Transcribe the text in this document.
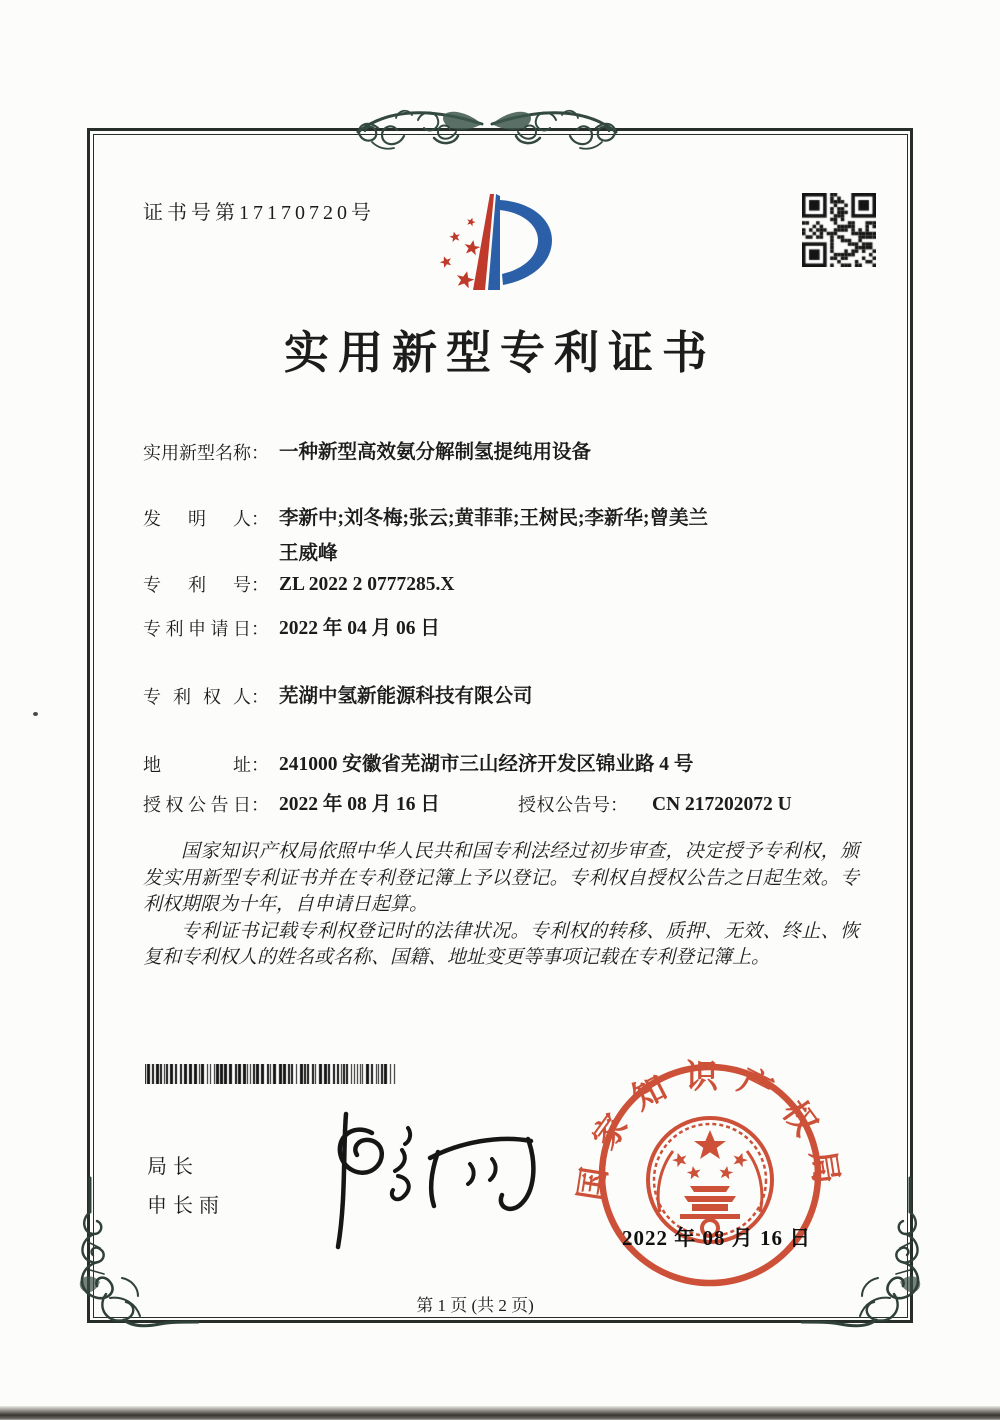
证书号第17170720号
实用新型专利证书
实用新型名称 ： 一种新型高效氨分解制氢提纯用设备
发明人 ： 李新中;刘冬梅;张云;黄菲菲;王树民;李新华;曾美兰
王威峰
专利号 ： ZL 2022 2 0777285.X
专利申请日 ： 2022 年 04 月 06 日
专利权人 ： 芜湖中氢新能源科技有限公司
地址 ： 241000 安徽省芜湖市三山经济开发区锦业路 4 号
授权公告日 ： 2022 年 08 月 16 日	授权公告号 ： CN 217202072 U

国家知识产权局依照中华人民共和国专利法经过初步审查，决定授予专利权，颁发实用新型专利证书并在专利登记簿上予以登记。专利权自授权公告之日起生效。专利权期限为十年，自申请日起算。

专利证书记载专利权登记时的法律状况。专利权的转移、质押、无效、终止、恢复和专利权人的姓名或名称、国籍、地址变更等事项记载在专利登记簿上。

局长
申长雨
国家知识产权局
2022 年 08 月 16 日
第 1 页 (共 2 页)
